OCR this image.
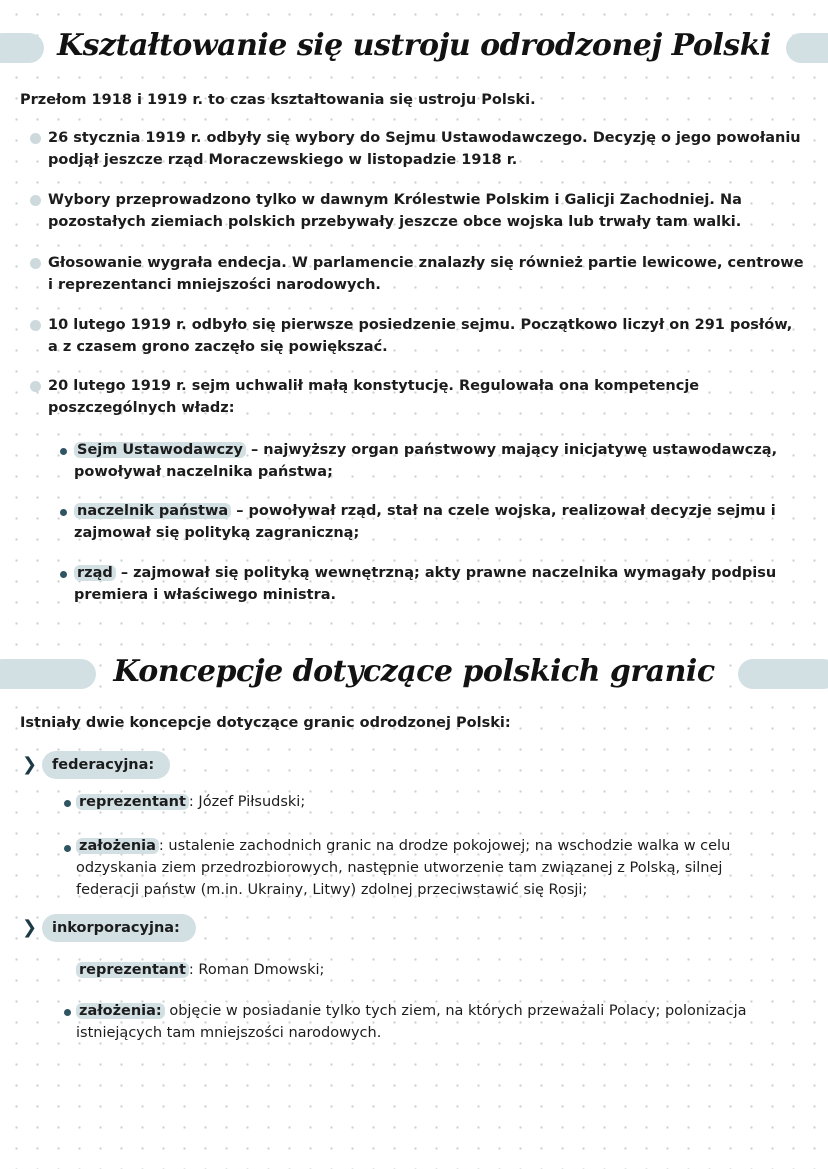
Kształtowanie się ustroju odrodzonej Polski
Przełom 1918 i 1919 r. to czas kształtowania się ustroju Polski.
26 stycznia 1919 r. odbyły się wybory do Sejmu Ustawodawczego. Decyzję o jego powołaniu podjął jeszcze rząd Moraczewskiego w listopadzie 1918 r.
Wybory przeprowadzono tylko w dawnym Królestwie Polskim i Galicji Zachodniej. Na pozostałych ziemiach polskich przebywały jeszcze obce wojska lub trwały tam walki.
Głosowanie wygrała endecja. W parlamencie znalazły się również partie lewicowe, centrowe i reprezentanci mniejszości narodowych.
10 lutego 1919 r. odbyło się pierwsze posiedzenie sejmu. Początkowo liczył on 291 posłów, a z czasem grono zaczęło się powiększać.
20 lutego 1919 r. sejm uchwalił małą konstytucję. Regulowała ona kompetencje poszczególnych władz:
Sejm Ustawodawczy – najwyższy organ państwowy mający inicjatywę ustawodawczą, powoływał naczelnika państwa;
naczelnik państwa – powoływał rząd, stał na czele wojska, realizował decyzje sejmu i zajmował się polityką zagraniczną;
rząd – zajmował się polityką wewnętrzną; akty prawne naczelnika wymagały podpisu premiera i właściwego ministra.
Koncepcje dotyczące polskich granic
Istniały dwie koncepcje dotyczące granic odrodzonej Polski:
❯	federacyjna:
reprezentant : Józef Piłsudski;
założenia : ustalenie zachodnich granic na drodze pokojowej; na wschodzie walka w celu odzyskania ziem przedrozbiorowych, następnie utworzenie tam związanej z Polską, silnej federacji państw (m.in. Ukrainy, Litwy) zdolnej przeciwstawić się Rosji;
❯	inkorporacyjna:
reprezentant : Roman Dmowski;
założenia: objęcie w posiadanie tylko tych ziem, na których przeważali Polacy; polonizacja istniejących tam mniejszości narodowych.
